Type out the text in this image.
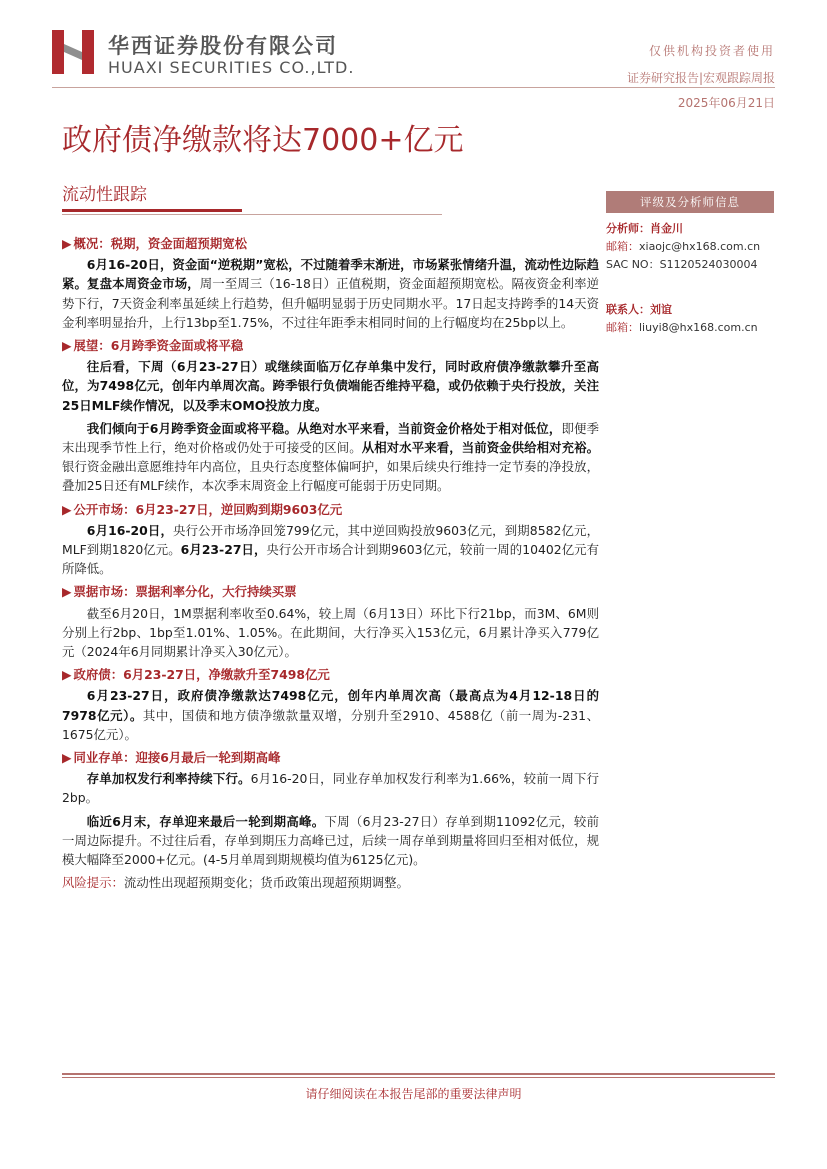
华西证券股份有限公司
HUAXI SECURITIES CO.,LTD.
仅供机构投资者使用
证券研究报告|宏观跟踪周报
2025年06月21日
政府债净缴款将达7000+亿元
流动性跟踪
▶ 概况：税期，资金面超预期宽松

6月16-20日，资金面“逆税期”宽松，不过随着季末渐进，市场紧张情绪升温，流动性边际趋紧。复盘本周资金市场，周一至周三（16-18日）正值税期，资金面超预期宽松。隔夜资金利率逆势下行，7天资金利率虽延续上行趋势，但升幅明显弱于历史同期水平。17日起支持跨季的14天资金利率明显抬升，上行13bp至1.75%，不过往年距季末相同时间的上行幅度均在25bp以上。

▶ 展望：6月跨季资金面或将平稳

往后看，下周（6月23-27日）或继续面临万亿存单集中发行，同时政府债净缴款攀升至高位，为7498亿元，创年内单周次高。跨季银行负债端能否维持平稳，或仍依赖于央行投放，关注25日MLF续作情况，以及季末OMO投放力度。

我们倾向于6月跨季资金面或将平稳。从绝对水平来看，当前资金价格处于相对低位，即便季末出现季节性上行，绝对价格或仍处于可接受的区间。从相对水平来看，当前资金供给相对充裕。银行资金融出意愿维持年内高位，且央行态度整体偏呵护，如果后续央行维持一定节奏的净投放，叠加25日还有MLF续作，本次季末周资金上行幅度可能弱于历史同期。

▶ 公开市场：6月23-27日，逆回购到期9603亿元

6月16-20日，央行公开市场净回笼799亿元，其中逆回购投放9603亿元，到期8582亿元，MLF到期1820亿元。6月23-27日，央行公开市场合计到期9603亿元，较前一周的10402亿元有所降低。

▶ 票据市场：票据利率分化，大行持续买票

截至6月20日，1M票据利率收至0.64%，较上周（6月13日）环比下行21bp，而3M、6M则分别上行2bp、1bp至1.01%、1.05%。在此期间，大行净买入153亿元，6月累计净买入779亿元（2024年6月同期累计净买入30亿元）。

▶ 政府债：6月23-27日，净缴款升至7498亿元

6月23-27日，政府债净缴款达7498亿元，创年内单周次高（最高点为4月12-18日的7978亿元）。其中，国债和地方债净缴款量双增，分别升至2910、4588亿（前一周为-231、1675亿元）。

▶ 同业存单：迎接6月最后一轮到期高峰

存单加权发行利率持续下行。6月16-20日，同业存单加权发行利率为1.66%，较前一周下行2bp。

临近6月末，存单迎来最后一轮到期高峰。下周（6月23-27日）存单到期11092亿元，较前一周边际提升。不过往后看，存单到期压力高峰已过，后续一周存单到期量将回归至相对低位，规模大幅降至2000+亿元。(4-5月单周到期规模均值为6125亿元)。

风险提示：流动性出现超预期变化；货币政策出现超预期调整。
评级及分析师信息
分析师：肖金川
邮箱：xiaojc@hx168.com.cn
SAC NO：S1120524030004
联系人：刘谊
邮箱：liuyi8@hx168.com.cn
请仔细阅读在本报告尾部的重要法律声明
